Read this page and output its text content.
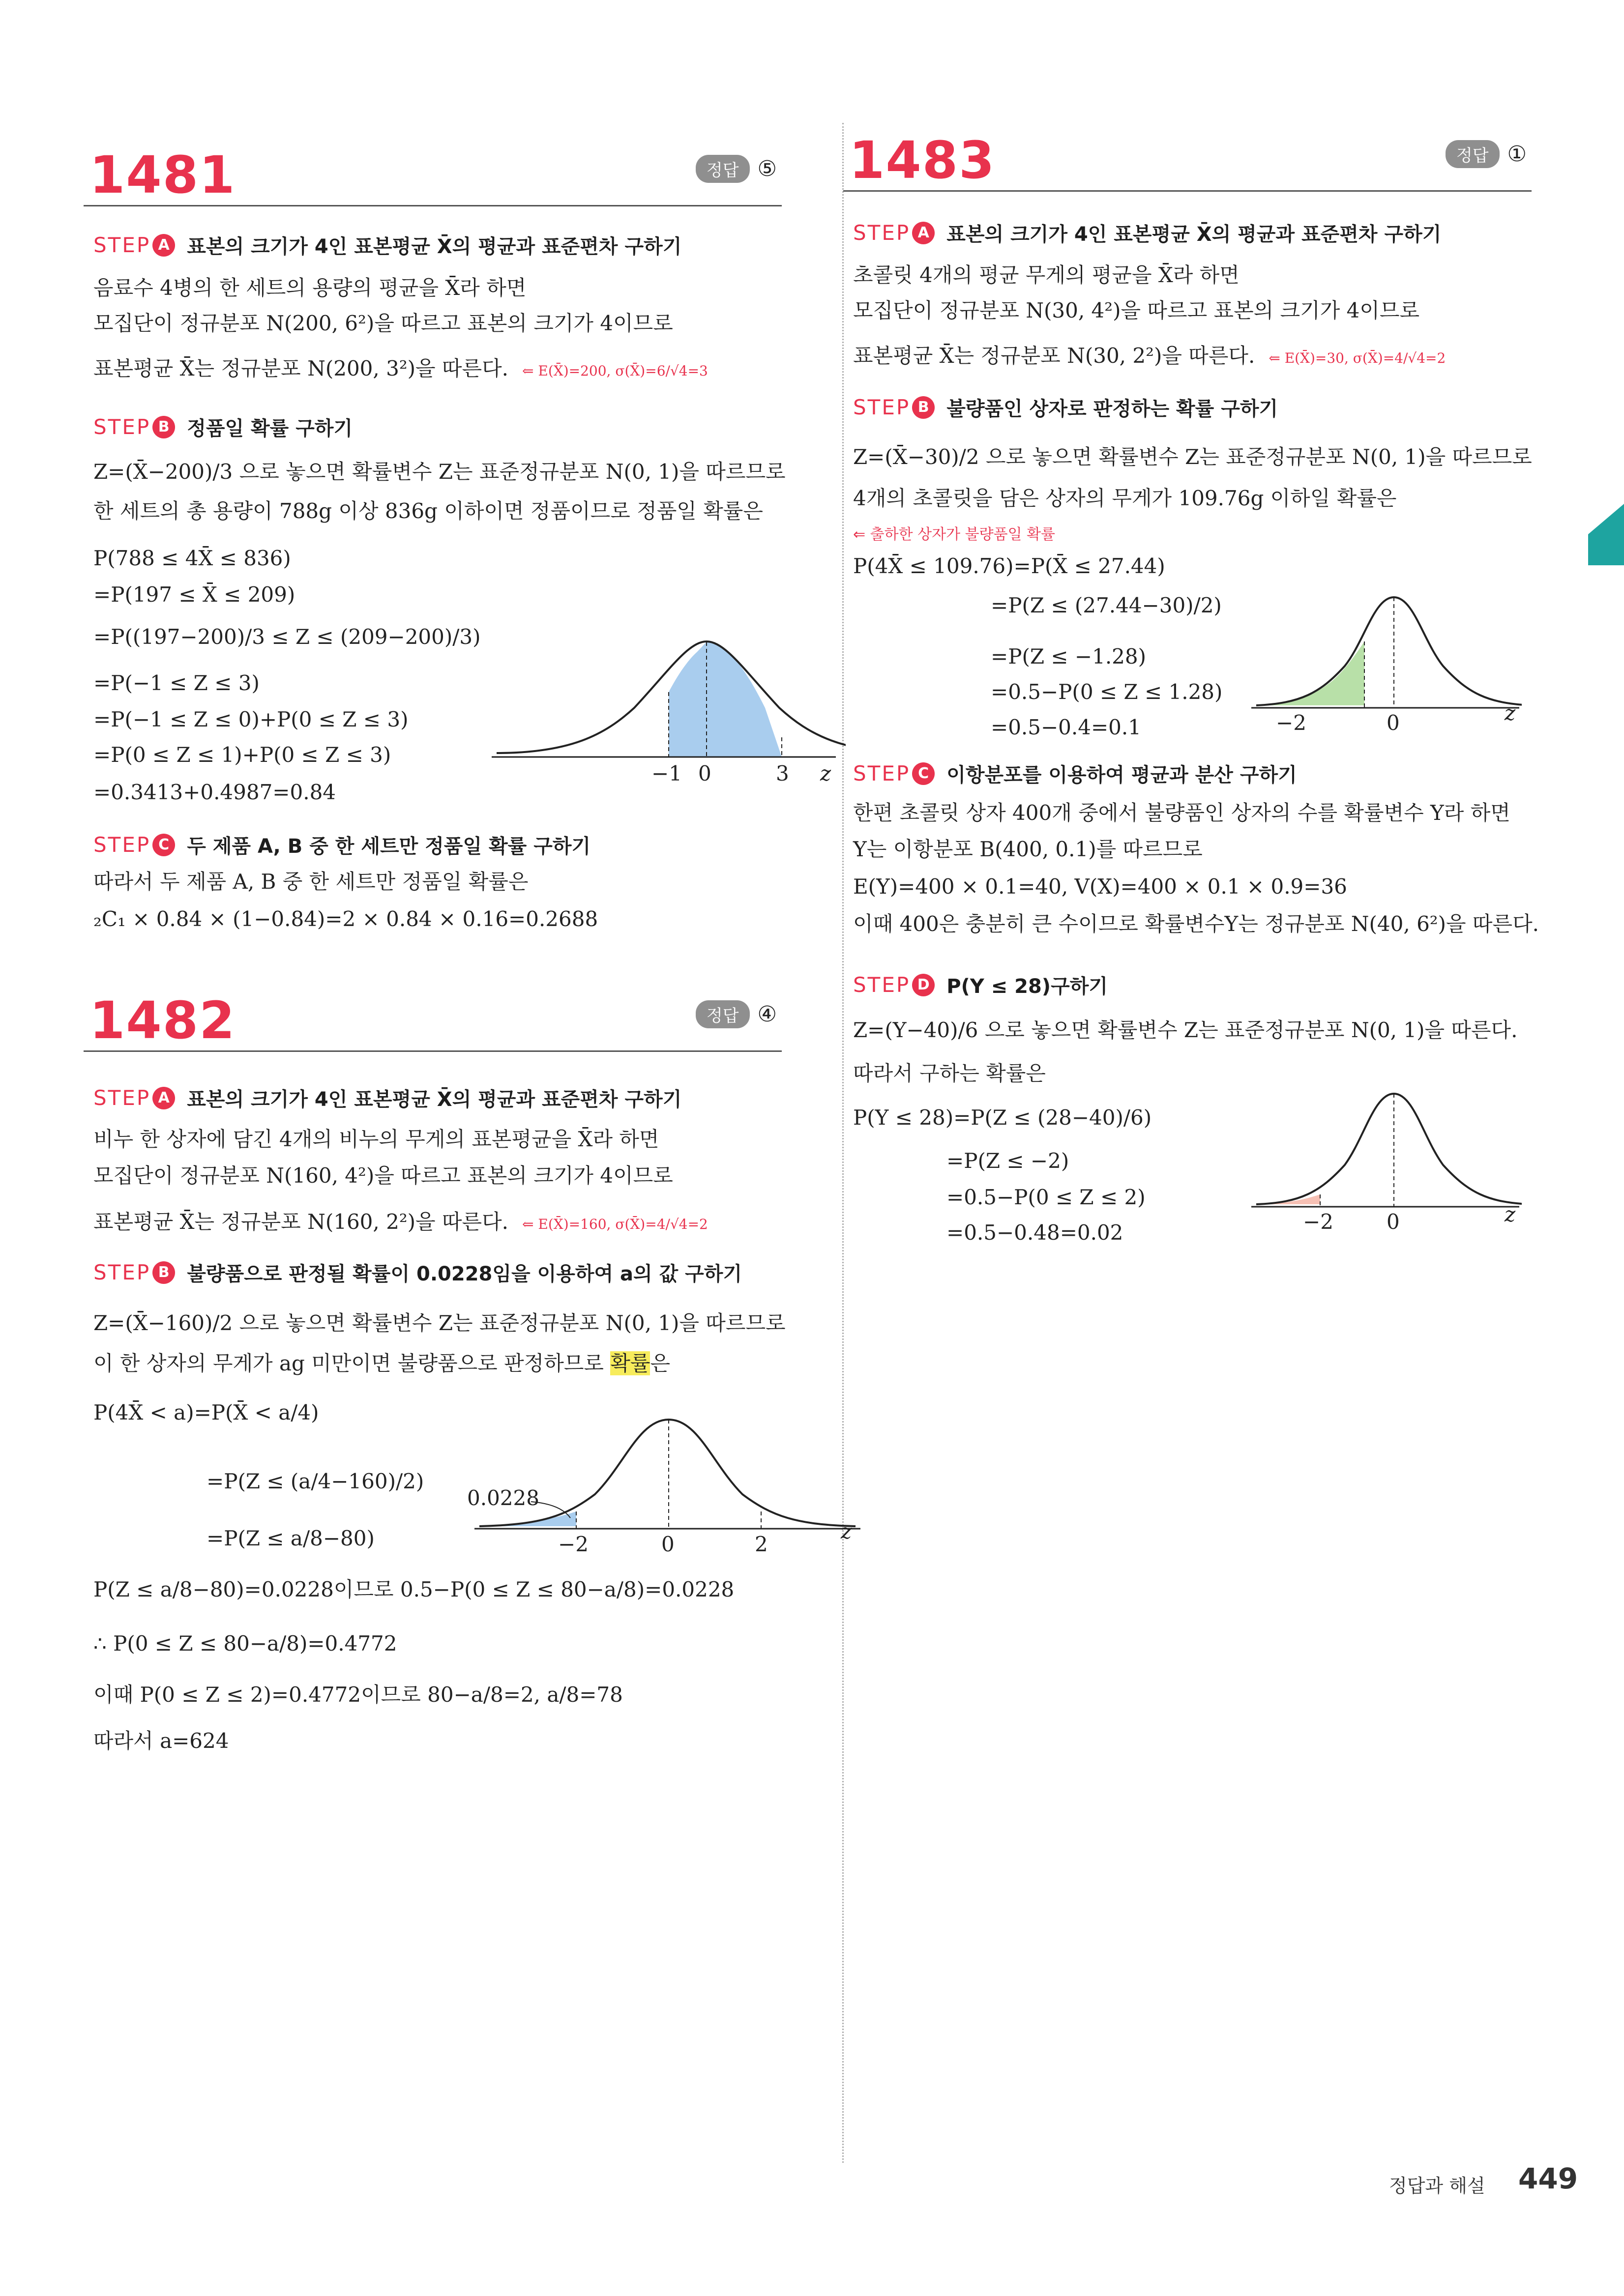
1481	정답 ⑤
STEP A 표본의 크기가 4인 표본평균 X̄의 평균과 표준편차 구하기
음료수 4병의 한 세트의 용량의 평균을 X̄라 하면
모집단이 정규분포 N(200, 6²)을 따르고 표본의 크기가 4이므로
표본평균 X̄는 정규분포 N(200, 3²)을 따른다. ⇐ E(X̄)=200, σ(X̄)=6/√4=3
STEP B 정품일 확률 구하기
Z=(X̄−200)/3 으로 놓으면 확률변수 Z는 표준정규분포 N(0, 1)을 따르므로
한 세트의 총 용량이 788g 이상 836g 이하이면 정품이므로 정품일 확률은
P(788 ≤ 4X̄ ≤ 836)
=P(197 ≤ X̄ ≤ 209)
=P((197−200)/3 ≤ Z ≤ (209−200)/3)
=P(−1 ≤ Z ≤ 3)
=P(−1 ≤ Z ≤ 0)+P(0 ≤ Z ≤ 3)
=P(0 ≤ Z ≤ 1)+P(0 ≤ Z ≤ 3)
=0.3413+0.4987=0.84
−1 0	3 z
STEP C 두 제품 A, B 중 한 세트만 정품일 확률 구하기
따라서 두 제품 A, B 중 한 세트만 정품일 확률은
₂C₁ × 0.84 × (1−0.84)=2 × 0.84 × 0.16=0.2688
1482	정답 ④
STEP A 표본의 크기가 4인 표본평균 X̄의 평균과 표준편차 구하기
비누 한 상자에 담긴 4개의 비누의 무게의 표본평균을 X̄라 하면
모집단이 정규분포 N(160, 4²)을 따르고 표본의 크기가 4이므로
표본평균 X̄는 정규분포 N(160, 2²)을 따른다. ⇐ E(X̄)=160, σ(X̄)=4/√4=2
STEP B 불량품으로 판정될 확률이 0.0228임을 이용하여 a의 값 구하기
Z=(X̄−160)/2 으로 놓으면 확률변수 Z는 표준정규분포 N(0, 1)을 따르므로
이 한 상자의 무게가 ag 미만이면 불량품으로 판정하므로 확률은
P(4X̄ < a)=P(X̄ < a/4)
=P(Z ≤ (a/4−160)/2)
=P(Z ≤ a/8−80)
0.0228
−2	0	2
z
P(Z ≤ a/8−80)=0.0228이므로 0.5−P(0 ≤ Z ≤ 80−a/8)=0.0228
∴ P(0 ≤ Z ≤ 80−a/8)=0.4772
이때 P(0 ≤ Z ≤ 2)=0.4772이므로 80−a/8=2, a/8=78
따라서 a=624
1483	정답 ①
STEP A 표본의 크기가 4인 표본평균 X̄의 평균과 표준편차 구하기
초콜릿 4개의 평균 무게의 평균을 X̄라 하면
모집단이 정규분포 N(30, 4²)을 따르고 표본의 크기가 4이므로
표본평균 X̄는 정규분포 N(30, 2²)을 따른다. ⇐ E(X̄)=30, σ(X̄)=4/√4=2
STEP B 불량품인 상자로 판정하는 확률 구하기
Z=(X̄−30)/2 으로 놓으면 확률변수 Z는 표준정규분포 N(0, 1)을 따르므로
4개의 초콜릿을 담은 상자의 무게가 109.76g 이하일 확률은
⇐ 출하한 상자가 불량품일 확률
P(4X̄ ≤ 109.76)=P(X̄ ≤ 27.44)
=P(Z ≤ (27.44−30)/2)
=P(Z ≤ −1.28)
=0.5−P(0 ≤ Z ≤ 1.28)
=0.5−0.4=0.1	−2	0	z
STEP C 이항분포를 이용하여 평균과 분산 구하기
한편 초콜릿 상자 400개 중에서 불량품인 상자의 수를 확률변수 Y라 하면
Y는 이항분포 B(400, 0.1)를 따르므로
E(Y)=400 × 0.1=40, V(X)=400 × 0.1 × 0.9=36
이때 400은 충분히 큰 수이므로 확률변수Y는 정규분포 N(40, 6²)을 따른다.
STEP D P(Y ≤ 28)구하기
Z=(Y−40)/6 으로 놓으면 확률변수 Z는 표준정규분포 N(0, 1)을 따른다.
따라서 구하는 확률은
P(Y ≤ 28)=P(Z ≤ (28−40)/6)
=P(Z ≤ −2)
=0.5−P(0 ≤ Z ≤ 2)
=0.5−0.48=0.02	−2	0	z
정답과 해설 449
